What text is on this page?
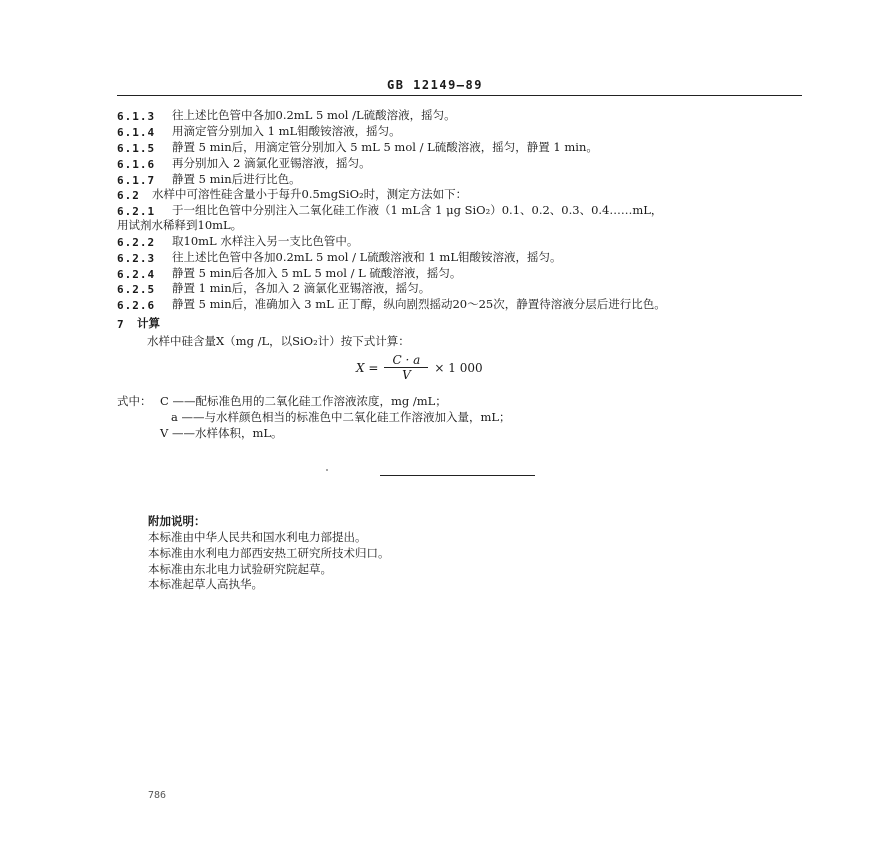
GB 12149—89
6.1.3 往上述比色管中各加0.2mL 5 mol /L硫酸溶液，摇匀。
6.1.4 用滴定管分别加入 1 mL钼酸铵溶液，摇匀。
6.1.5 静置 5 min后，用滴定管分别加入 5 mL 5 mol / L硫酸溶液，摇匀，静置 1 min。
6.1.6 再分别加入 2 滴氯化亚锡溶液，摇匀。
6.1.7 静置 5 min后进行比色。
6.2 水样中可溶性硅含量小于每升0.5mgSiO₂时，测定方法如下：
6.2.1 于一组比色管中分别注入二氧化硅工作液（1 mL含 1 μg SiO₂）0.1、0.2、0.3、0.4……mL，
用试剂水稀释到10mL。
6.2.2 取10mL 水样注入另一支比色管中。
6.2.3 往上述比色管中各加0.2mL 5 mol / L硫酸溶液和 1 mL钼酸铵溶液，摇匀。
6.2.4 静置 5 min后各加入 5 mL 5 mol / L 硫酸溶液，摇匀。
6.2.5 静置 1 min后，各加入 2 滴氯化亚锡溶液，摇匀。
6.2.6 静置 5 min后，准确加入 3 mL 正丁醇，纵向剧烈摇动20～25次，静置待溶液分层后进行比色。
7 计算
水样中硅含量X（mg /L，以SiO₂计）按下式计算：
$X = \frac{C \cdot a}{V} \times 1$ 000
式中： C ——配标准色用的二氧化硅工作溶液浓度，mg /mL；
a ——与水样颜色相当的标准色中二氧化硅工作溶液加入量，mL；
V ——水样体积，mL。
附加说明：
本标准由中华人民共和国水利电力部提出。
本标准由水利电力部西安热工研究所技术归口。
本标准由东北电力试验研究院起草。
本标准起草人高执华。
786
